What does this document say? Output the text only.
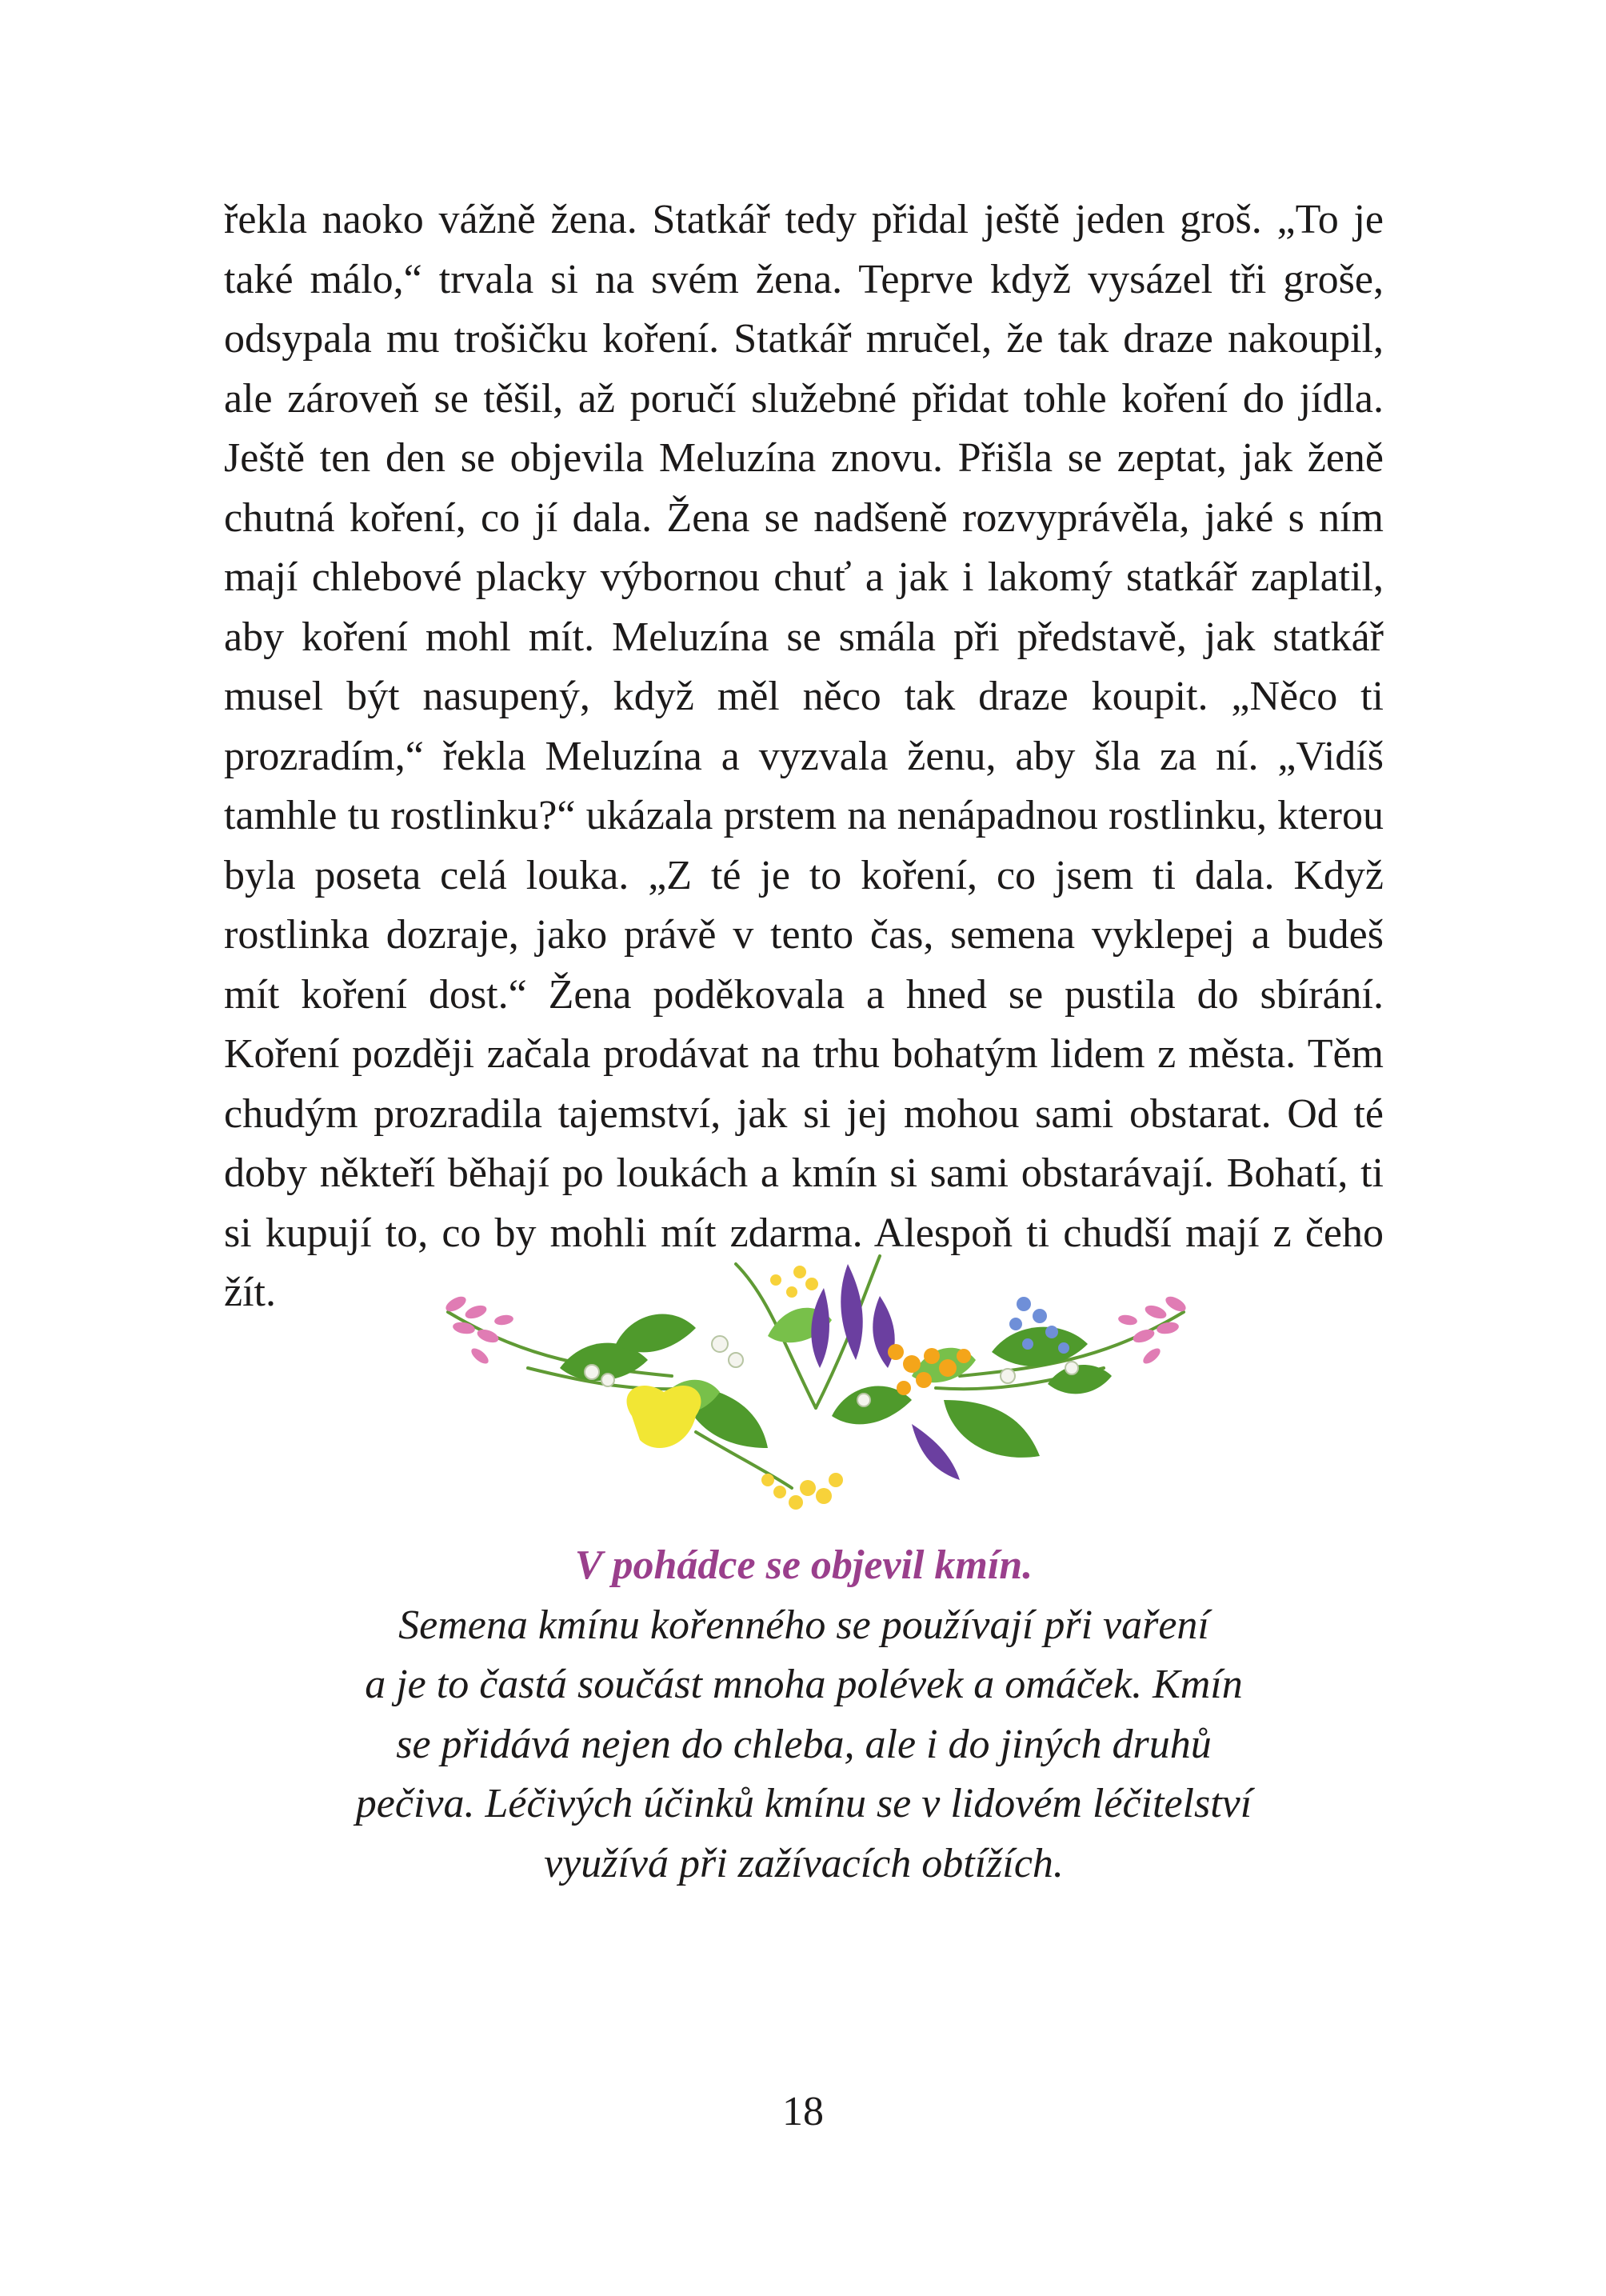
řekla naoko vážně žena. Statkář tedy přidal ještě jeden groš. „To je také málo,“ trvala si na svém žena. Teprve když vysázel tři groše, odsypala mu trošičku koření. Statkář mručel, že tak draze nakoupil, ale zároveň se těšil, až poručí služebné přidat tohle koření do jídla. Ještě ten den se objevila Meluzína znovu. Přišla se zeptat, jak ženě chutná koření, co jí dala. Žena se nadšeně rozvyprávěla, jaké s ním mají chlebové placky výbornou chuť a jak i lakomý statkář zaplatil, aby koření mohl mít. Meluzína se smála při představě, jak statkář musel být nasupený, když měl něco tak draze koupit. „Něco ti prozradím,“ řekla Meluzína a vyzvala ženu, aby šla za ní. „Vidíš tamhle tu rostlinku?“ ukázala prstem na nenápadnou rostlinku, kterou byla poseta celá louka. „Z té je to koření, co jsem ti dala. Když rostlinka dozraje, jako právě v tento čas, semena vyklepej a budeš mít koření dost.“ Žena poděkovala a hned se pustila do sbírání. Koření později začala prodávat na trhu bohatým lidem z města. Těm chudým prozradila tajemství, jak si jej mohou sami obstarat. Od té doby někteří běhají po loukách a kmín si sami obstarávají. Bohatí, ti si kupují to, co by mohli mít zdarma. Alespoň ti chudší mají z čeho žít.

V pohádce se objevil kmín.
Semena kmínu kořenného se používají při vaření
a je to častá součást mnoha polévek a omáček. Kmín
se přidává nejen do chleba, ale i do jiných druhů
pečiva. Léčivých účinků kmínu se v lidovém léčitelství
využívá při zažívacích obtížích.
18
